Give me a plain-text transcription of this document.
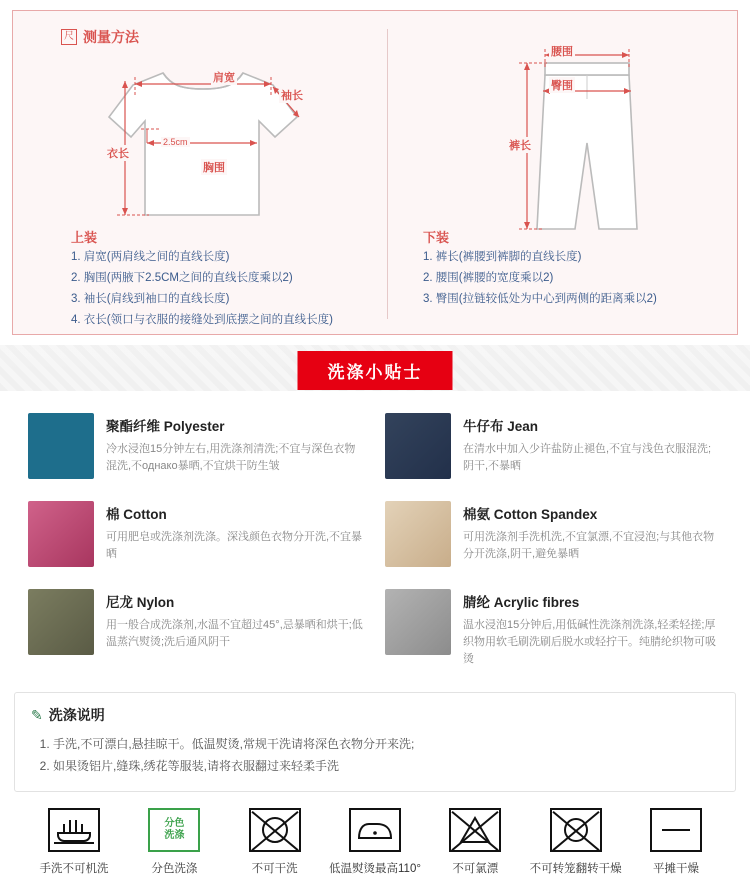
尺 测量方法
肩宽
袖长
衣长
胸围
2.5cm
上装
1. 肩宽(两肩线之间的直线长度)
2. 胸围(两腋下2.5CM之间的直线长度乘以2)
3. 袖长(肩线到袖口的直线长度)
4. 衣长(领口与衣服的接缝处到底摆之间的直线长度)
腰围
臀围
裤长
下装
1. 裤长(裤腰到裤脚的直线长度)
2. 腰围(裤腰的宽度乘以2)
3. 臀围(拉链较低处为中心到两侧的距离乘以2)
洗涤小贴士
聚酯纤维 Polyester
冷水浸泡15分钟左右,用洗涤剂清洗;不宜与深色衣物混洗,不однако暴晒,不宜烘干防生皱
牛仔布 Jean
在清水中加入少许盐防止褪色,不宜与浅色衣服混洗;阴干,不暴晒
棉 Cotton
可用肥皂或洗涤剂洗涤。深浅颜色衣物分开洗,不宜暴晒
棉氨 Cotton Spandex
可用洗涤剂手洗机洗,不宜氯漂,不宜浸泡;与其他衣物分开洗涤,阴干,避免暴晒
尼龙 Nylon
用一般合成洗涤剂,水温不宜超过45°,忌暴晒和烘干;低温蒸汽熨烫;洗后通风阴干
腈纶 Acrylic fibres
温水浸泡15分钟后,用低碱性洗涤剂洗涤,轻柔轻搓;厚织物用软毛刷洗刷后脱水或轻拧干。纯腈纶织物可吸烫
✎ 洗涤说明
1. 手洗,不可漂白,悬挂晾干。低温熨烫,常规干洗请将深色衣物分开来洗;
2. 如果烫铝片,缝珠,绣花等服装,请将衣服翻过来轻柔手洗
手洗不可机洗
分色
洗涤
分色洗涤	不可干洗	低温熨烫最高110°	不可氯漂	不可转笼翻转干燥	平摊干燥
